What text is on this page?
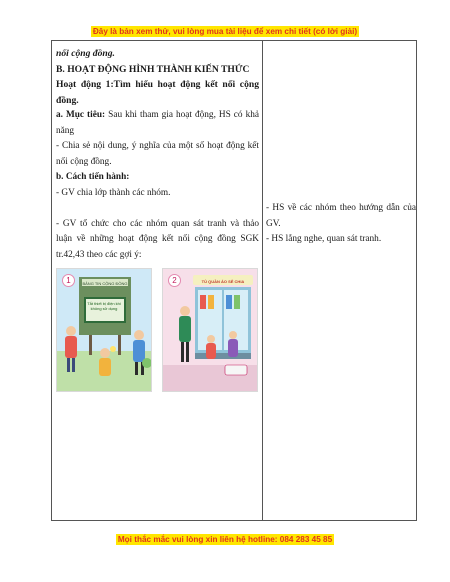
Đây là bản xem thử, vui lòng mua tài liệu để xem chi tiết (có lời giải)

nối cộng đồng.

B. HOẠT ĐỘNG HÌNH THÀNH KIẾN THỨC

Hoạt động 1:Tìm hiểu hoạt động kết nối cộng đồng.

a. Mục tiêu: Sau khi tham gia hoạt động, HS có khả năng

- Chia sẻ nội dung, ý nghĩa của một số hoạt động kết nối cộng đồng.

b. Cách tiến hành:

- GV chia lớp thành các nhóm.

- GV tổ chức cho các nhóm quan sát tranh và thảo luận về những hoạt động kết nối cộng đồng SGK tr.42,43 theo các gợi ý:

1	BẢNG TIN CỘNG ĐỒNG
Tắt thiết bị điện khi không sử dụng
2	TỦ QUẦN ÁO SẺ CHIA

- HS về các nhóm theo hướng dẫn của GV.

- HS lắng nghe, quan sát tranh.

Mọi thắc mắc vui lòng xin liên hệ hotline: 084 283 45 85
